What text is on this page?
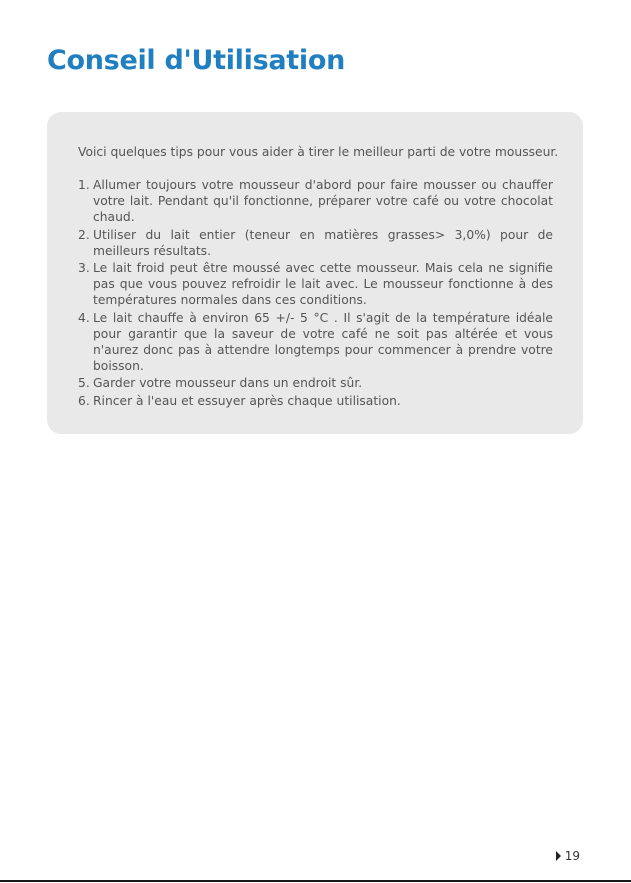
Conseil d'Utilisation

Voici quelques tips pour vous aider à tirer le meilleur parti de votre mousseur.

1. Allumer toujours votre mousseur d'abord pour faire mousser ou chauffer votre lait. Pendant qu'il fonctionne, préparer votre café ou votre chocolat chaud.
2. Utiliser du lait entier (teneur en matières grasses> 3,0%) pour de meilleurs résultats.
3. Le lait froid peut être moussé avec cette mousseur. Mais cela ne signifie pas que vous pouvez refroidir le lait avec. Le mousseur fonctionne à des températures normales dans ces conditions.
4. Le lait chauffe à environ 65 +/- 5 °C . Il s'agit de la température idéale pour garantir que la saveur de votre café ne soit pas altérée et vous n'aurez donc pas à attendre longtemps pour commencer à prendre votre boisson.
5. Garder votre mousseur dans un endroit sûr.
6. Rincer à l'eau et essuyer après chaque utilisation.
19
